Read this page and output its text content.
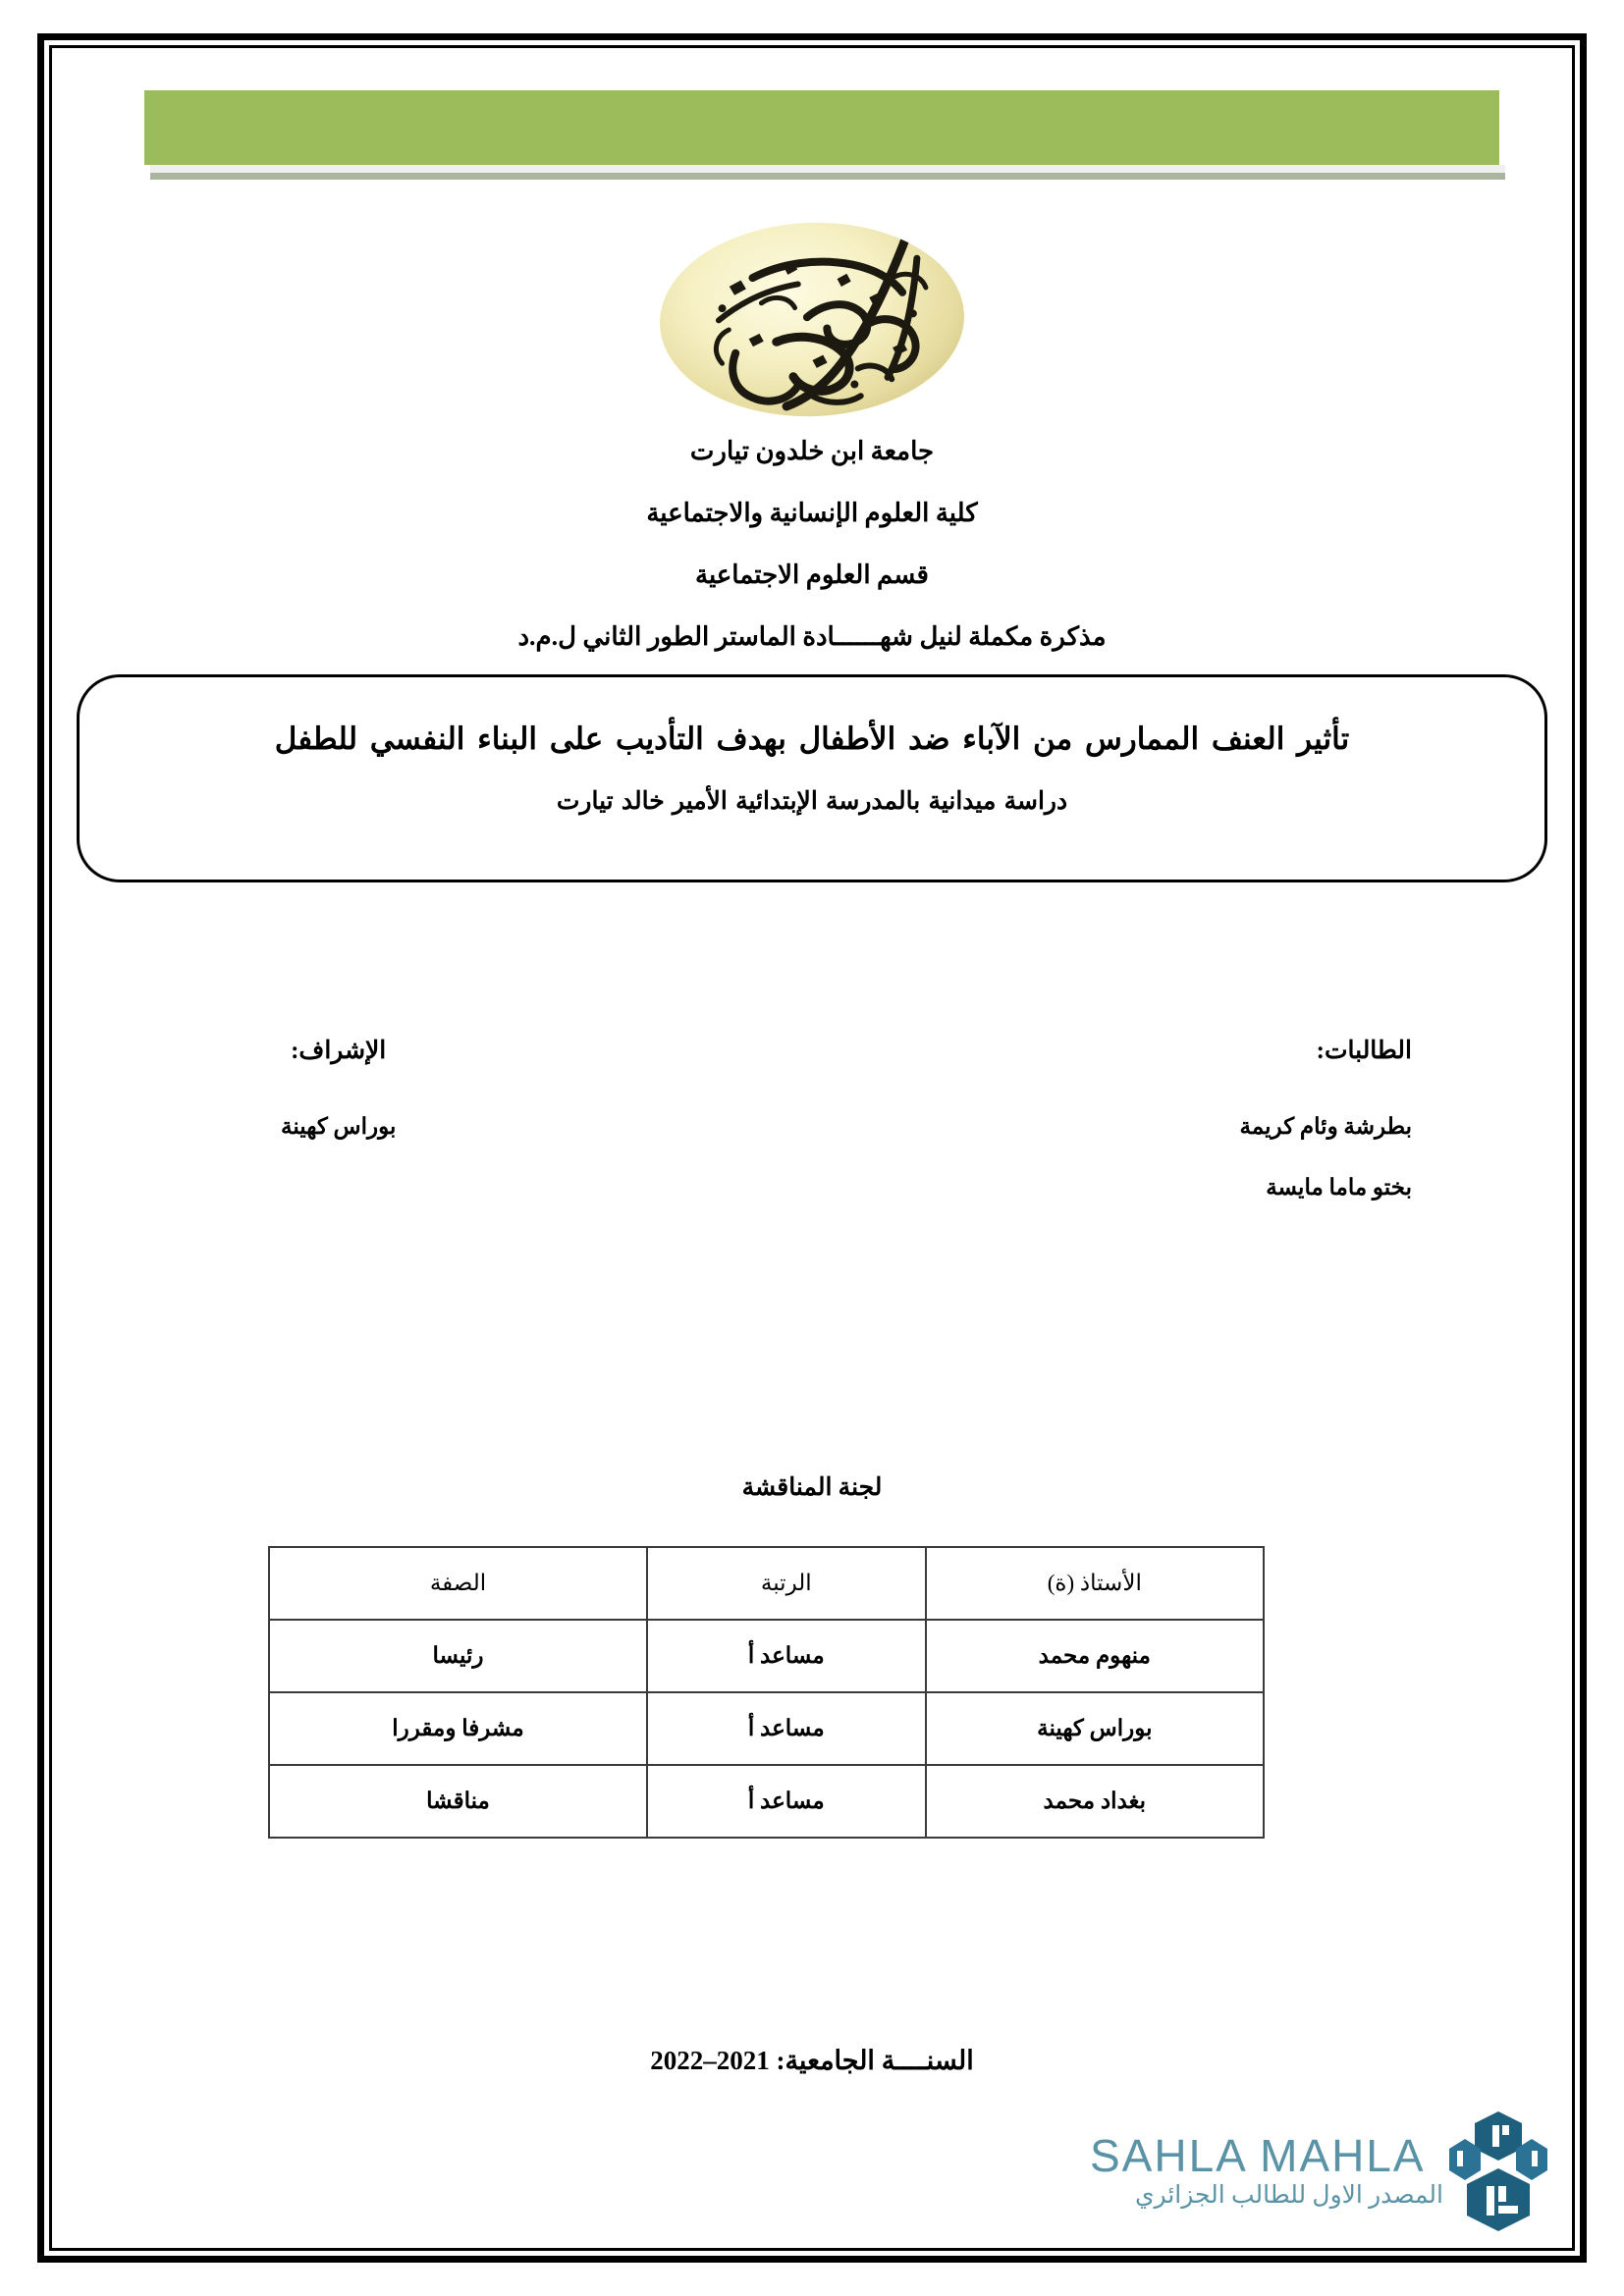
جامعة ابن خلدون تيارت
كلية العلوم الإنسانية والاجتماعية
قسم العلوم الاجتماعية
مذكرة مكملة لنيل شهــــــادة الماستر الطور الثاني ل.م.د
تأثير العنف الممارس من الآباء ضد الأطفال بهدف التأديب على البناء النفسي للطفل
دراسة ميدانية بالمدرسة الإبتدائية الأمير خالد تيارت
الطالبات:
بطرشة وئام كريمة
بختو ماما مايسة
الإشراف:
بوراس كهينة
لجنة المناقشة
الأستاذ (ة)	الرتبة	الصفة
منهوم محمد	مساعد أ	رئيسا
بوراس كهينة	مساعد أ	مشرفا ومقررا
بغداد محمد	مساعد أ	مناقشا
السنــــة الجامعية: 2021–2022
SAHLA MAHLA
المصدر الاول للطالب الجزائري
